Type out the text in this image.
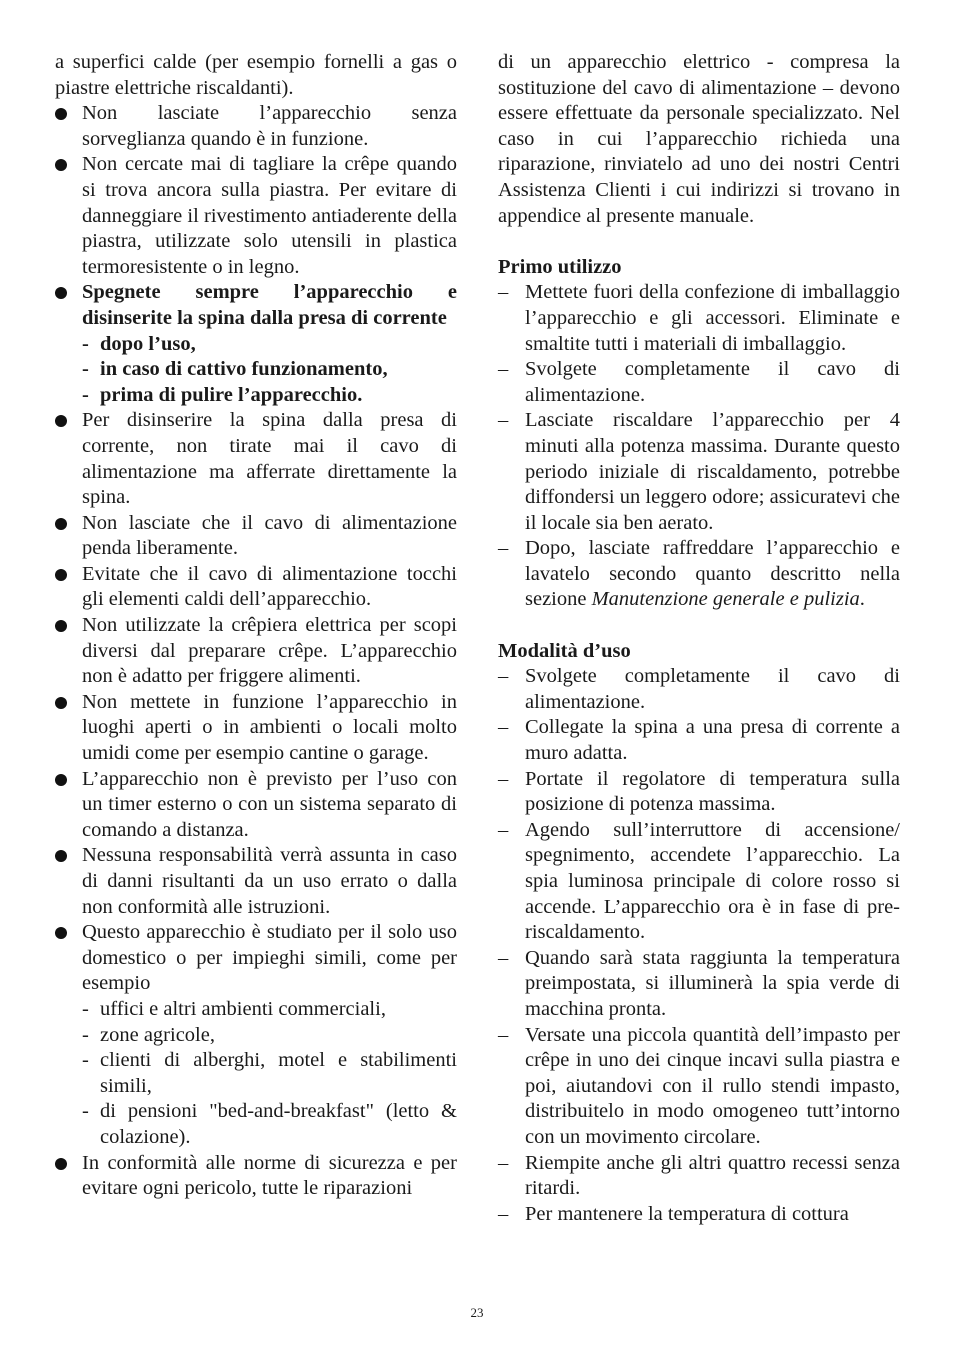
a superfici calde (per esempio fornelli a gas o piastre elettriche riscaldanti).

Non lasciate l’apparecchio senza sorveglianza quando è in funzione.
Non cercate mai di tagliare la crêpe quando si trova ancora sulla piastra. Per evitare di danneggiare il rivestimento antiaderente della piastra, utilizzate solo utensili in plastica termoresistente o in legno.
Spegnete sempre l’apparecchio e disinserite la spina dalla presa di corrente
- dopo l’uso,
- in caso di cattivo funzionamento,
- prima di pulire l’apparecchio.
Per disinserire la spina dalla presa di corrente, non tirate mai il cavo di alimentazione ma afferrate direttamente la spina.
Non lasciate che il cavo di alimentazione penda liberamente.
Evitate che il cavo di alimentazione tocchi gli elementi caldi dell’apparecchio.
Non utilizzate la crêpiera elettrica per scopi diversi dal preparare crêpe. L’apparecchio non è adatto per friggere alimenti.
Non mettete in funzione l’apparecchio in luoghi aperti o in ambienti o locali molto umidi come per esempio cantine o garage.
L’apparecchio non è previsto per l’uso con un timer esterno o con un sistema separato di comando a distanza.
Nessuna responsabilità verrà assunta in caso di danni risultanti da un uso errato o dalla non conformità alle istruzioni.
Questo apparecchio è studiato per il solo uso domestico o per impieghi simili, come per esempio
- uffici e altri ambienti commerciali,
- zone agricole,
- clienti di alberghi, motel e stabilimenti simili,
- di pensioni "bed-and-breakfast" (letto & colazione).
In conformità alle norme di sicurezza e per evitare ogni pericolo, tutte le riparazioni

di un apparecchio elettrico - compresa la sostituzione del cavo di alimentazione – devono essere effettuate da personale specializzato. Nel caso in cui l’apparecchio richieda una riparazione, rinviatelo ad uno dei nostri Centri Assistenza Clienti i cui indirizzi si trovano in appendice al presente manuale.

Primo utilizzo
– Mettete fuori della confezione di imballaggio l’apparecchio e gli accessori. Eliminate e smaltite tutti i materiali di imballaggio.
– Svolgete completamente il cavo di alimentazione.
– Lasciate riscaldare l’apparecchio per 4 minuti alla potenza massima. Durante questo periodo iniziale di riscaldamento, potrebbe diffondersi un leggero odore; assicuratevi che il locale sia ben aerato.
– Dopo, lasciate raffreddare l’apparecchio e lavatelo secondo quanto descritto nella sezione Manutenzione generale e pulizia.
Modalità d’uso
– Svolgete completamente il cavo di alimentazione.
– Collegate la spina a una presa di corrente a muro adatta.
– Portate il regolatore di temperatura sulla posizione di potenza massima.
– Agendo sull’interruttore di accensione/ spegnimento, accendete l’apparecchio. La spia luminosa principale di colore rosso si accende. L’apparecchio ora è in fase di pre-riscaldamento.
– Quando sarà stata raggiunta la temperatura preimpostata, si illuminerà la spia verde di macchina pronta.
– Versate una piccola quantità dell’impasto per crêpe in uno dei cinque incavi sulla piastra e poi, aiutandovi con il rullo stendi impasto, distribuitelo in modo omogeneo tutt’intorno con un movimento circolare.
– Riempite anche gli altri quattro recessi senza ritardi.
– Per mantenere la temperatura di cottura
23
